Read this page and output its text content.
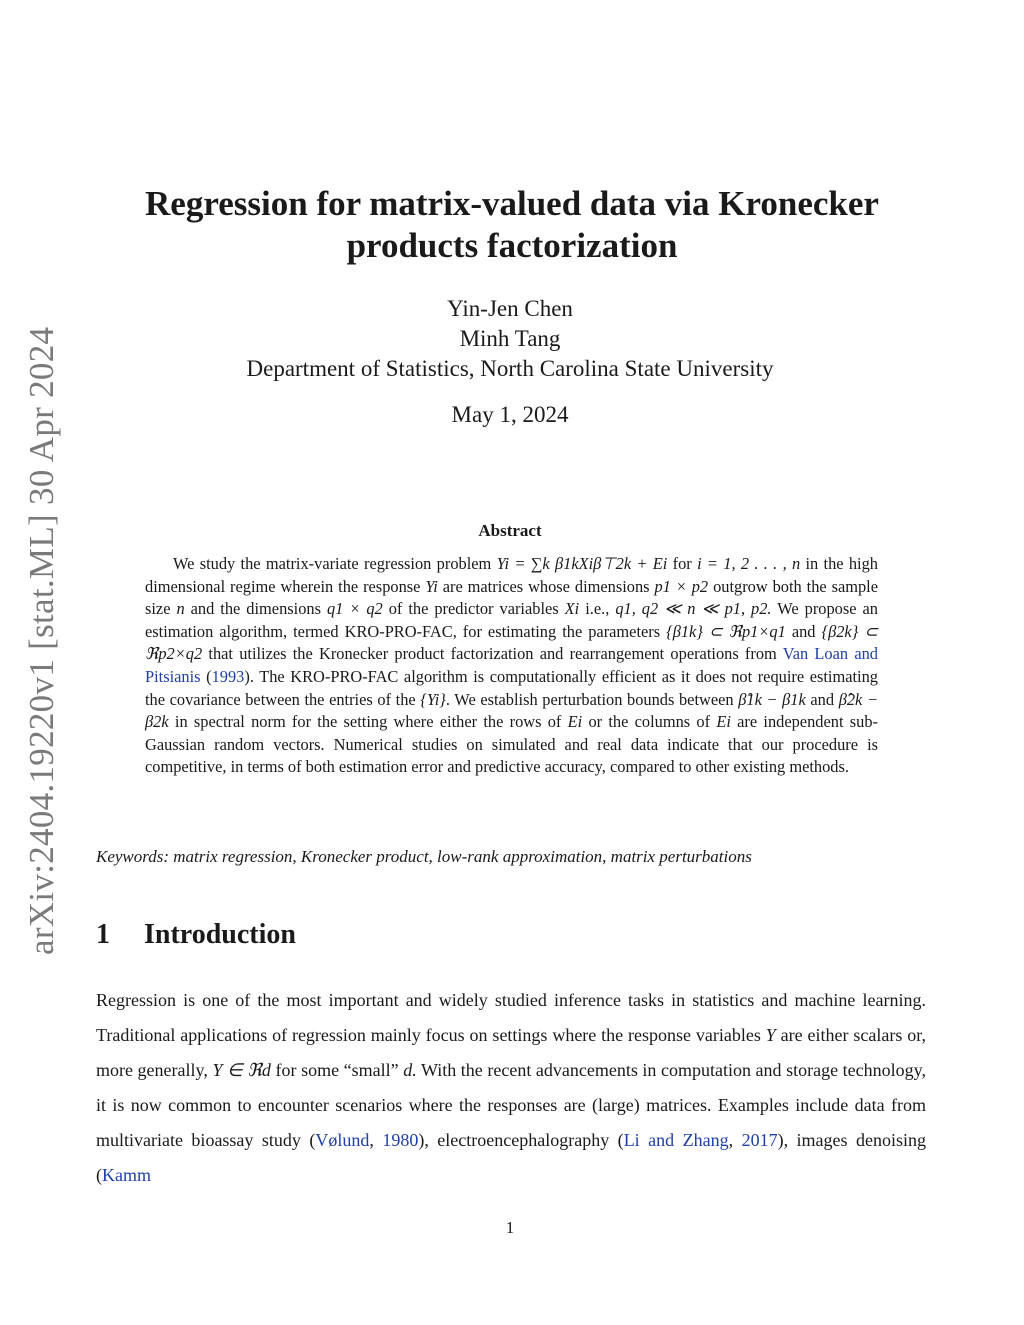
arXiv:2404.19220v1 [stat.ML] 30 Apr 2024
Regression for matrix-valued data via Kronecker products factorization
Yin-Jen Chen
Minh Tang
Department of Statistics, North Carolina State University
May 1, 2024
Abstract

We study the matrix-variate regression problem Yi = ∑k β1kXiβ⊤2k + Ei for i = 1, 2 . . . , n in the high dimensional regime wherein the response Yi are matrices whose dimensions p1 × p2 outgrow both the sample size n and the dimensions q1 × q2 of the predictor variables Xi i.e., q1, q2 ≪ n ≪ p1, p2. We propose an estimation algorithm, termed KRO-PRO-FAC, for estimating the parameters {β1k} ⊂ ℜp1×q1 and {β2k} ⊂ ℜp2×q2 that utilizes the Kronecker product factorization and rearrangement operations from Van Loan and Pitsianis (1993). The KRO-PRO-FAC algorithm is computationally efficient as it does not require estimating the covariance between the entries of the {Yi}. We establish perturbation bounds between β̂1k − β1k and β̂2k − β2k in spectral norm for the setting where either the rows of Ei or the columns of Ei are independent sub-Gaussian random vectors. Numerical studies on simulated and real data indicate that our procedure is competitive, in terms of both estimation error and predictive accuracy, compared to other existing methods.

Keywords: matrix regression, Kronecker product, low-rank approximation, matrix perturbations
1 Introduction

Regression is one of the most important and widely studied inference tasks in statistics and machine learning. Traditional applications of regression mainly focus on settings where the response variables Y are either scalars or, more generally, Y ∈ ℜd for some “small” d. With the recent advancements in computation and storage technology, it is now common to encounter scenarios where the responses are (large) matrices. Examples include data from multivariate bioassay study (Vølund, 1980), electroencephalography (Li and Zhang, 2017), images denoising (Kamm

1
